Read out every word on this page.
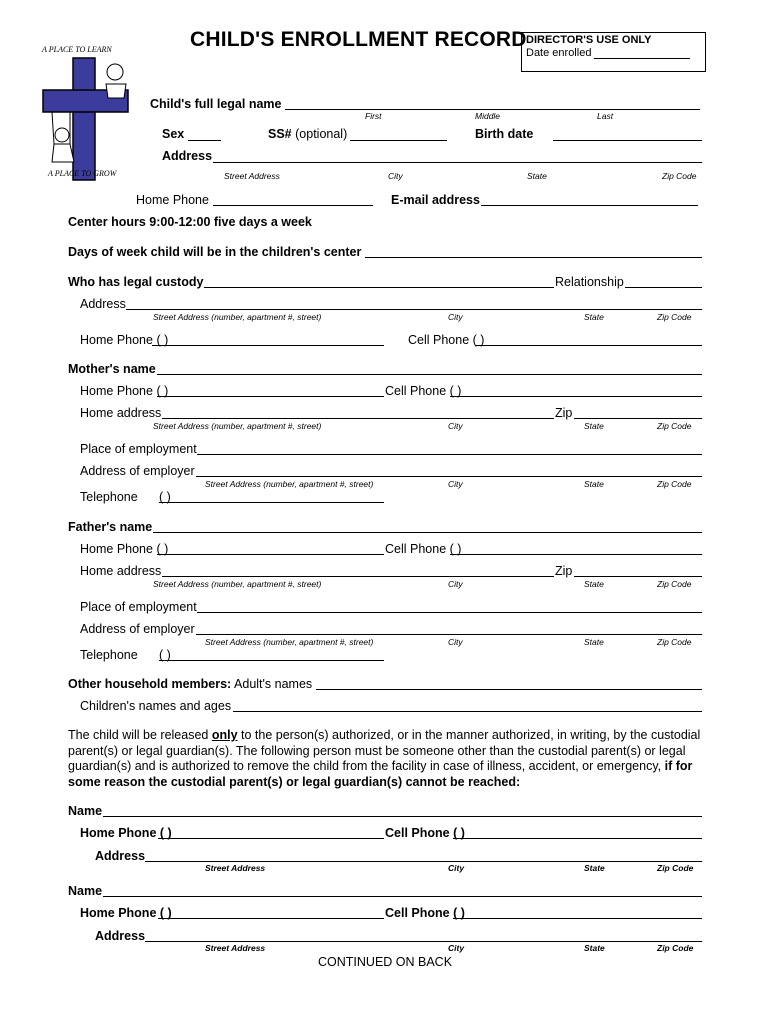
CHILD'S ENROLLMENT RECORD DIRECTOR'S USE ONLY
Date enrolled
A PLACE TO LEARN
A PLACE TO GROW
Child's full legal name
First	Middle	Last
Sex	SS# (optional)	Birth date
Address
Street Address	City	State	Zip Code
Home Phone	E-mail address
Center hours 9:00-12:00 five days a week
Days of week child will be in the children's center
Who has legal custody	Relationship
Address
Street Address (number, apartment #, street)	City	State	Zip Code
Home Phone ( )	Cell Phone ( )
Mother's name
Home Phone ( )	Cell Phone ( )
Home address	Zip
Street Address (number, apartment #, street)	City	State	Zip Code
Place of employment
Address of employer
Street Address (number, apartment #, street)	City	State	Zip Code
Telephone ( )
Father's name
Home Phone ( )	Cell Phone ( )
Home address	Zip
Street Address (number, apartment #, street)	City	State	Zip Code
Place of employment
Address of employer
Street Address (number, apartment #, street)	City	State	Zip Code
Telephone ( )
Other household members: Adult's names
Children's names and ages
The child will be released only to the person(s) authorized, or in the manner authorized, in writing, by the custodial parent(s) or legal guardian(s). The following person must be someone other than the custodial parent(s) or legal guardian(s) and is authorized to remove the child from the facility in case of illness, accident, or emergency, if for some reason the custodial parent(s) or legal guardian(s) cannot be reached:
Name
Home Phone ( )	Cell Phone ( )
Address
Street Address	City	State	Zip Code
Name
Home Phone ( )	Cell Phone ( )
Address
Street Address	City	State	Zip Code
CONTINUED ON BACK
